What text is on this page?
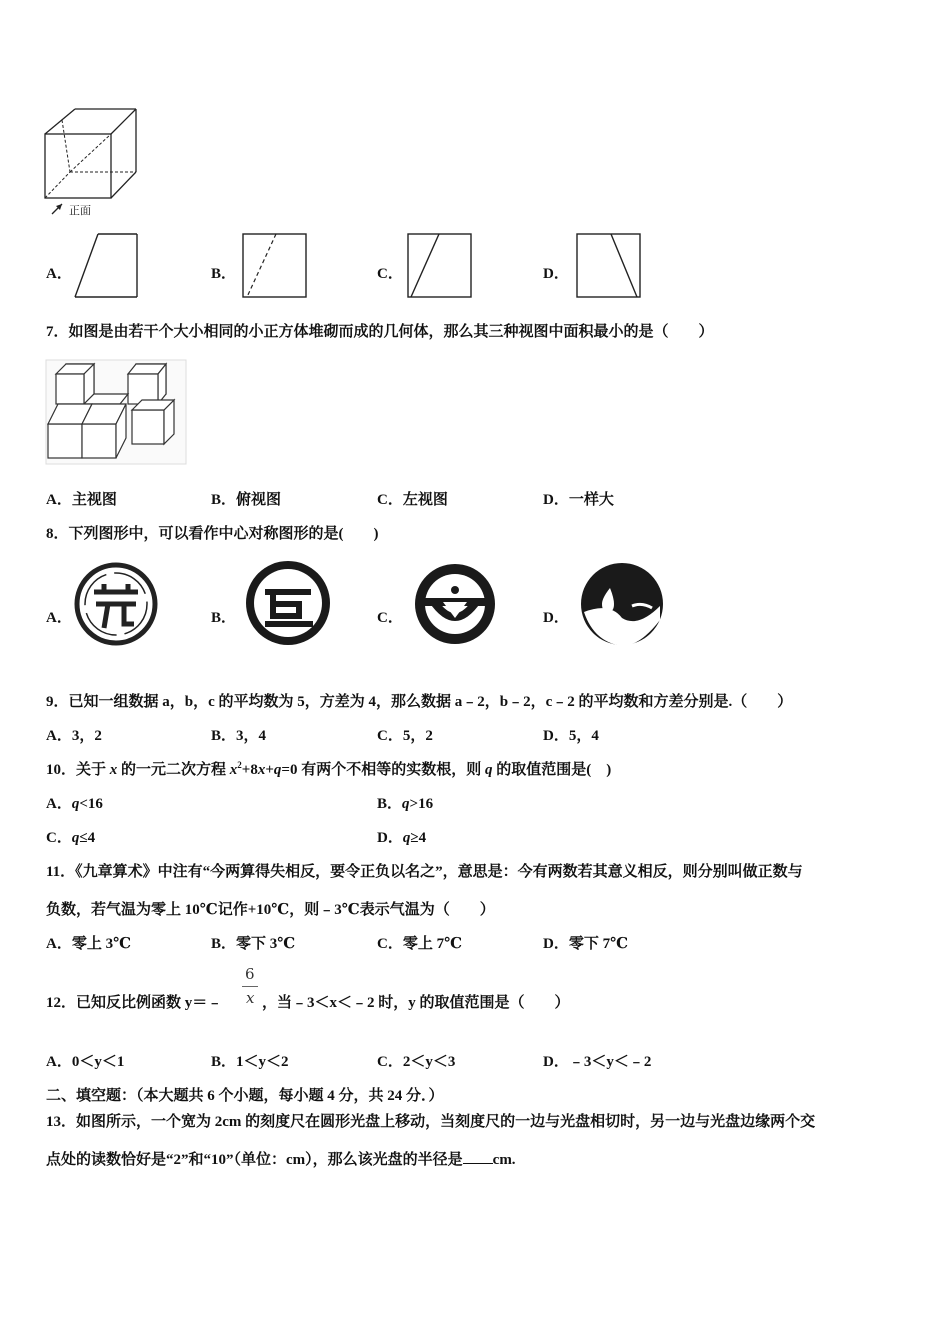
正面
A．	B．	C．	D．
7．如图是由若干个大小相同的小正方体堆砌而成的几何体，那么其三种视图中面积最小的是（　　）
A．主视图	B．俯视图	C．左视图	D．一样大
8．下列图形中，可以看作中心对称图形的是(　　)
A．	B．	C．	D．
9．已知一组数据 a，b，c 的平均数为 5，方差为 4，那么数据 a﹣2，b﹣2，c﹣2 的平均数和方差分别是.（　　）
A．3，2	B．3，4	C．5，2	D．5，4
10．关于 x 的一元二次方程 $x^2+8x+q=0$ 有两个不相等的实数根，则 q 的取值范围是(　)
A．q<16	B．q>16
C．q≤4	D．q≥4
11．《九章算术》中注有“今两算得失相反，要令正负以名之”，意思是：今有两数若其意义相反，则分别叫做正数与
负数，若气温为零上 10℃记作+10℃，则﹣3℃表示气温为（　　）
A．零上 3℃	B．零下 3℃	C．零上 7℃	D．零下 7℃
12．已知反比例函数 y＝﹣
6
x ，当﹣3＜x＜﹣2 时，y 的取值范围是（　　）
A．0＜y＜1	B．1＜y＜2	C．2＜y＜3	D．﹣3＜y＜﹣2
二、填空题：（本大题共 6 个小题，每小题 4 分，共 24 分．）
13．如图所示，一个宽为 2cm 的刻度尺在圆形光盘上移动，当刻度尺的一边与光盘相切时，另一边与光盘边缘两个交
点处的读数恰好是“2”和“10”（单位：cm），那么该光盘的半径是 cm.
